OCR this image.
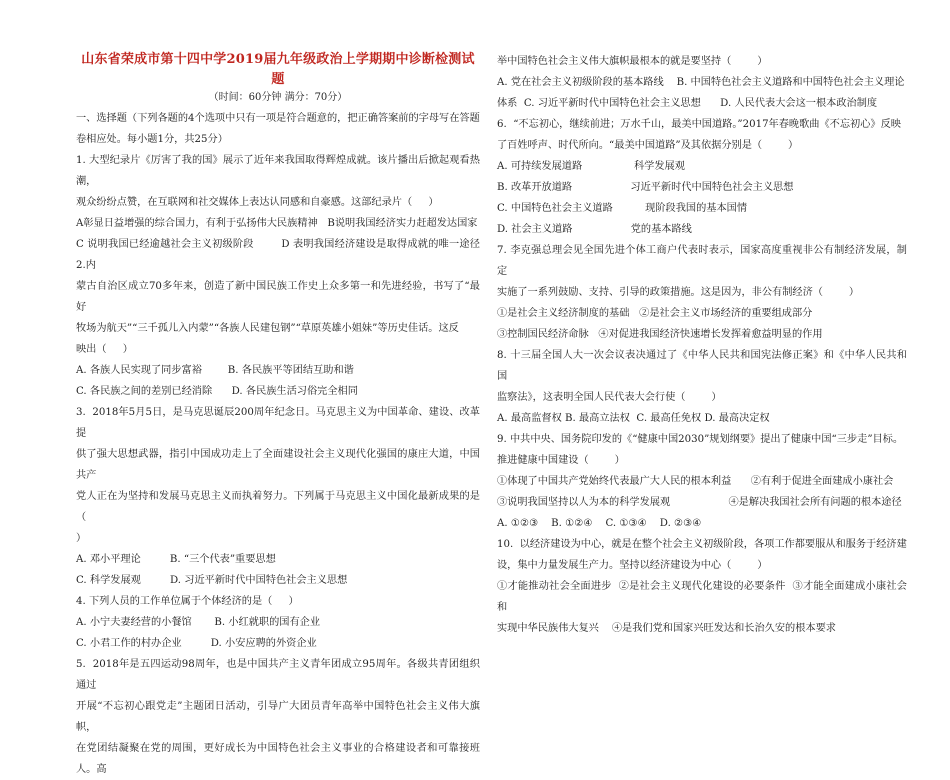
山东省荣成市第十四中学2019届九年级政治上学期期中诊断检测试题
（时间：60分钟 满分：70分）

一、选择题（下列各题的4个选项中只有一项是符合题意的，把正确答案前的字母写在答题

卷相应处。每小题1分，共25分）

1. 大型纪录片《厉害了我的国》展示了近年来我国取得辉煌成就。该片播出后掀起观看热潮，

观众纷纷点赞，在互联网和社交媒体上表达认同感和自豪感。这部纪录片（     ）

A彰显日益增强的综合国力，有利于弘扬伟大民族精神   B说明我国经济实力赶超发达国家

C 说明我国已经逾越社会主义初级阶段        D 表明我国经济建设是取得成就的唯一途径2.内

蒙古自治区成立70多年来，创造了新中国民族工作史上众多第一和先进经验，书写了“最好

牧场为航天”“三千孤儿入内蒙”“各族人民建包钢”“草原英雄小姐妹”等历史佳话。这反

映出（     ）

A. 各族人民实现了同步富裕        B. 各民族平等团结互助和谐

C. 各民族之间的差别已经消除      D. 各民族生活习俗完全相同

3.  2018年5月5日，是马克思诞辰200周年纪念日。马克思主义为中国革命、建设、改革提

供了强大思想武器，指引中国成功走上了全面建设社会主义现代化强国的康庄大道，中国共产

党人正在为坚持和发展马克思主义而执着努力。下列属于马克思主义中国化最新成果的是（

）

A. 邓小平理论         B. “三个代表”重要思想

C. 科学发展观         D. 习近平新时代中国特色社会主义思想

4. 下列人员的工作单位属于个体经济的是（     ）

A. 小宁夫妻经营的小餐馆       B. 小红就职的国有企业

C. 小君工作的村办企业         D. 小安应聘的外资企业

5.  2018年是五四运动98周年，也是中国共产主义青年团成立95周年。各级共青团组织通过

开展“不忘初心跟党走”主题团日活动，引导广大团员青年高举中国特色社会主义伟大旗帜，

在党团结凝聚在党的周围，更好成长为中国特色社会主义事业的合格建设者和可靠接班人。高

举中国特色社会主义伟大旗帜最根本的就是要坚持（        ）

A. 党在社会主义初级阶段的基本路线    B. 中国特色社会主义道路和中国特色社会主义理论

体系  C. 习近平新时代中国特色社会主义思想      D. 人民代表大会这一根本政治制度

6.  “不忘初心，继续前进；万水千山，最美中国道路。”2017年春晚歌曲《不忘初心》反映

了百姓呼声、时代所向。“最美中国道路”及其依据分别是（        ）

A. 可持续发展道路                科学发展观

B. 改革开放道路                  习近平新时代中国特色社会主义思想

C. 中国特色社会主义道路          现阶段我国的基本国情

D. 社会主义道路                  党的基本路线

7. 李克强总理会见全国先进个体工商户代表时表示，国家高度重视非公有制经济发展，制定

实施了一系列鼓励、支持、引导的政策措施。这是因为，非公有制经济（        ）

①是社会主义经济制度的基础   ②是社会主义市场经济的重要组成部分

③控制国民经济命脉   ④对促进我国经济快速增长发挥着愈益明显的作用

8. 十三届全国人大一次会议表决通过了《中华人民共和国宪法修正案》和《中华人民共和国

监察法》，这表明全国人民代表大会行使（        ）

A. 最高监督权 B. 最高立法权  C. 最高任免权 D. 最高决定权

9. 中共中央、国务院印发的《“健康中国2030”规划纲要》提出了健康中国“三步走”目标。

推进健康中国建设（        ）

①体现了中国共产党始终代表最广大人民的根本利益      ②有利于促进全面建成小康社会

③说明我国坚持以人为本的科学发展观                  ④是解决我国社会所有问题的根本途径

A. ①②③    B. ①②④    C. ①③④    D. ②③④

10.  以经济建设为中心，就是在整个社会主义初级阶段，各项工作都要服从和服务于经济建

设，集中力量发展生产力。坚持以经济建设为中心（        ）

①才能推动社会全面进步  ②是社会主义现代化建设的必要条件  ③才能全面建成小康社会和

实现中华民族伟大复兴    ④是我们党和国家兴旺发达和长治久安的根本要求
